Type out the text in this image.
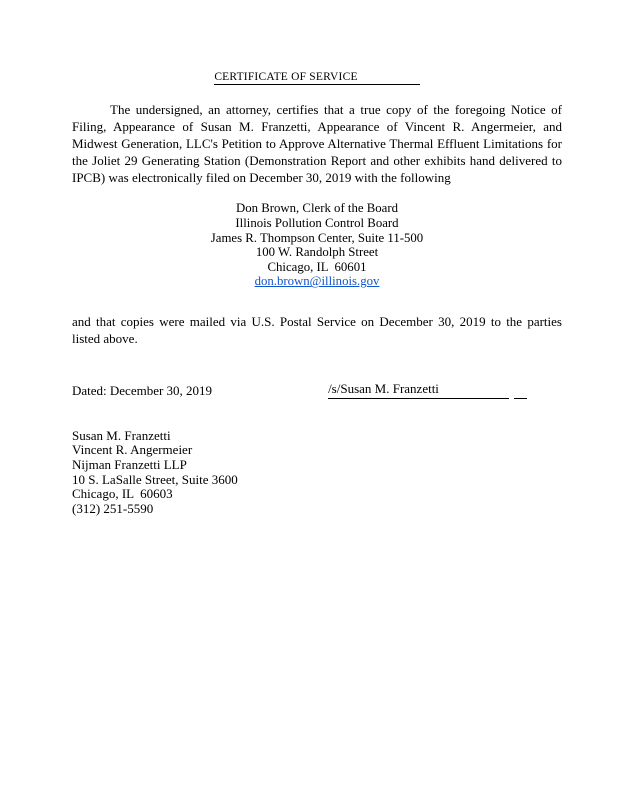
CERTIFICATE OF SERVICE

The undersigned, an attorney, certifies that a true copy of the foregoing Notice of Filing, Appearance of Susan M. Franzetti, Appearance of Vincent R. Angermeier, and Midwest Generation, LLC's Petition to Approve Alternative Thermal Effluent Limitations for the Joliet 29 Generating Station (Demonstration Report and other exhibits hand delivered to IPCB) was electronically filed on December 30, 2019 with the following

Don Brown, Clerk of the Board
Illinois Pollution Control Board
James R. Thompson Center, Suite 11-500
100 W. Randolph Street
Chicago, IL  60601
don.brown@illinois.gov

and that copies were mailed via U.S. Postal Service on December 30, 2019 to the parties listed above.

Dated: December 30, 2019	/s/Susan M. Franzetti
Susan M. Franzetti
Vincent R. Angermeier
Nijman Franzetti LLP
10 S. LaSalle Street, Suite 3600
Chicago, IL  60603
(312) 251-5590
